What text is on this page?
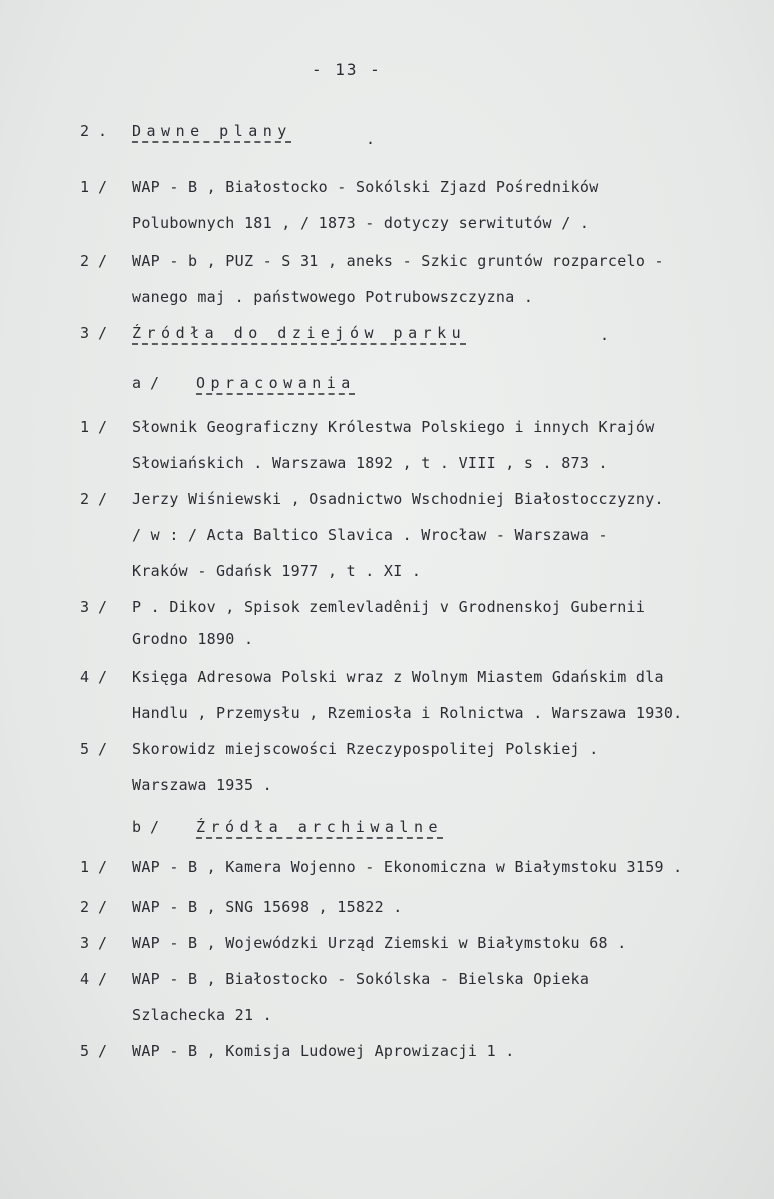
- 13 -
2 . Dawne plany	.
1 / WAP - B , Białostocko - Sokólski Zjazd Pośredników
Polubownych 181 , / 1873 - dotyczy serwitutów / .
2 / WAP - b , PUZ - S 31 , aneks - Szkic gruntów rozparcelo -
wanego maj . państwowego Potrubowszczyzna .
3 / Źródła do dziejów parku	.
a / Opracowania
1 / Słownik Geograficzny Królestwa Polskiego i innych Krajów
Słowiańskich . Warszawa 1892 , t . VIII , s . 873 .
2 / Jerzy Wiśniewski , Osadnictwo Wschodniej Białostocczyzny.
/ w : / Acta Baltico Slavica . Wrocław - Warszawa -
Kraków - Gdańsk 1977 , t . XI .
3 / P . Dikov , Spisok zemlevladênij v Grodnenskoj Gubernii
Grodno 1890 .
4 / Księga Adresowa Polski wraz z Wolnym Miastem Gdańskim dla
Handlu , Przemysłu , Rzemiosła i Rolnictwa . Warszawa 1930.
5 / Skorowidz miejscowości Rzeczypospolitej Polskiej .
Warszawa 1935 .
b / Źródła archiwalne
1 / WAP - B , Kamera Wojenno - Ekonomiczna w Białymstoku 3159 .
2 / WAP - B , SNG 15698 , 15822 .
3 / WAP - B , Wojewódzki Urząd Ziemski w Białymstoku 68 .
4 / WAP - B , Białostocko - Sokólska - Bielska Opieka
Szlachecka 21 .
5 / WAP - B , Komisja Ludowej Aprowizacji 1 .
